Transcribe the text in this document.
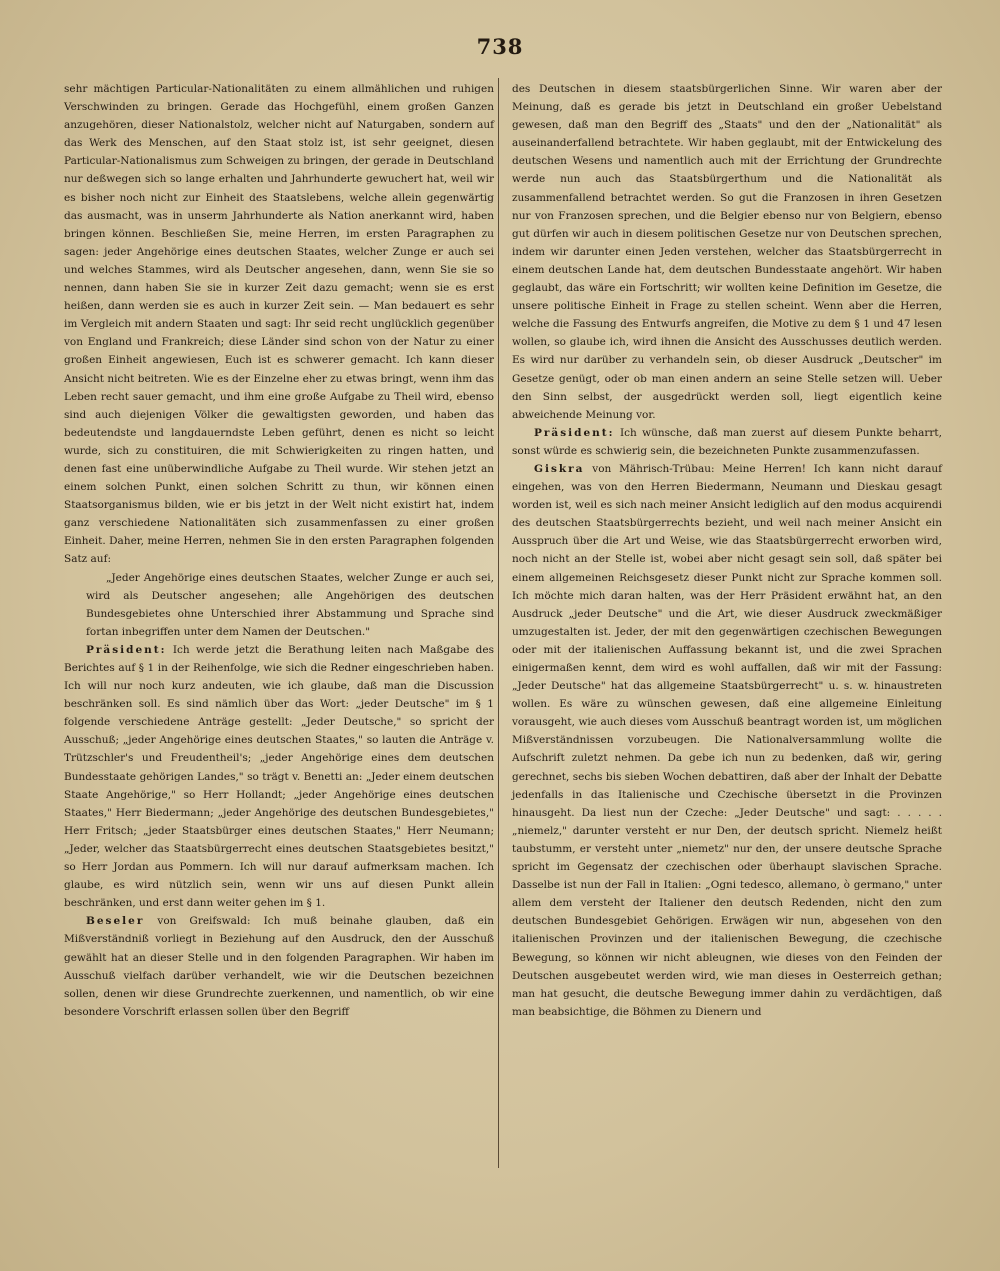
738

sehr mächtigen Particular-Nationalitäten zu einem allmählichen und ruhigen Verschwinden zu bringen. Gerade das Hochgefühl, einem großen Ganzen anzugehören, dieser Nationalstolz, welcher nicht auf Naturgaben, sondern auf das Werk des Menschen, auf den Staat stolz ist, ist sehr geeignet, diesen Particular-Nationalismus zum Schweigen zu bringen, der gerade in Deutschland nur deßwegen sich so lange erhalten und Jahrhunderte gewuchert hat, weil wir es bisher noch nicht zur Einheit des Staatslebens, welche allein gegenwärtig das ausmacht, was in unserm Jahrhunderte als Nation anerkannt wird, haben bringen können. Beschließen Sie, meine Herren, im ersten Paragraphen zu sagen: jeder Angehörige eines deutschen Staates, welcher Zunge er auch sei und welches Stammes, wird als Deutscher angesehen, dann, wenn Sie sie so nennen, dann haben Sie sie in kurzer Zeit dazu gemacht; wenn sie es erst heißen, dann werden sie es auch in kurzer Zeit sein. — Man bedauert es sehr im Vergleich mit andern Staaten und sagt: Ihr seid recht unglücklich gegenüber von England und Frankreich; diese Länder sind schon von der Natur zu einer großen Einheit angewiesen, Euch ist es schwerer gemacht. Ich kann dieser Ansicht nicht beitreten. Wie es der Einzelne eher zu etwas bringt, wenn ihm das Leben recht sauer gemacht, und ihm eine große Aufgabe zu Theil wird, ebenso sind auch diejenigen Völker die gewaltigsten geworden, und haben das bedeutendste und langdauerndste Leben geführt, denen es nicht so leicht wurde, sich zu constituiren, die mit Schwierigkeiten zu ringen hatten, und denen fast eine unüberwindliche Aufgabe zu Theil wurde. Wir stehen jetzt an einem solchen Punkt, einen solchen Schritt zu thun, wir können einen Staatsorganismus bilden, wie er bis jetzt in der Welt nicht existirt hat, indem ganz verschiedene Nationalitäten sich zusammenfassen zu einer großen Einheit. Daher, meine Herren, nehmen Sie in den ersten Paragraphen folgenden Satz auf:

„Jeder Angehörige eines deutschen Staates, welcher Zunge er auch sei, wird als Deutscher angesehen; alle Angehörigen des deutschen Bundesgebietes ohne Unterschied ihrer Abstammung und Sprache sind fortan inbegriffen unter dem Namen der Deutschen."

Präsident: Ich werde jetzt die Berathung leiten nach Maßgabe des Berichtes auf § 1 in der Reihenfolge, wie sich die Redner eingeschrieben haben. Ich will nur noch kurz andeuten, wie ich glaube, daß man die Discussion beschränken soll. Es sind nämlich über das Wort: „jeder Deutsche" im § 1 folgende verschiedene Anträge gestellt: „Jeder Deutsche," so spricht der Ausschuß; „jeder Angehörige eines deutschen Staates," so lauten die Anträge v. Trützschler's und Freudentheil's; „jeder Angehörige eines dem deutschen Bundesstaate gehörigen Landes," so trägt v. Benetti an: „Jeder einem deutschen Staate Angehörige," so Herr Hollandt; „jeder Angehörige eines deutschen Staates," Herr Biedermann; „jeder Angehörige des deutschen Bundesgebietes," Herr Fritsch; „jeder Staatsbürger eines deutschen Staates," Herr Neumann; „Jeder, welcher das Staatsbürgerrecht eines deutschen Staatsgebietes besitzt," so Herr Jordan aus Pommern. Ich will nur darauf aufmerksam machen. Ich glaube, es wird nützlich sein, wenn wir uns auf diesen Punkt allein beschränken, und erst dann weiter gehen im § 1.

Beseler von Greifswald: Ich muß beinahe glauben, daß ein Mißverständniß vorliegt in Beziehung auf den Ausdruck, den der Ausschuß gewählt hat an dieser Stelle und in den folgenden Paragraphen. Wir haben im Ausschuß vielfach darüber verhandelt, wie wir die Deutschen bezeichnen sollen, denen wir diese Grundrechte zuerkennen, und namentlich, ob wir eine besondere Vorschrift erlassen sollen über den Begriff

des Deutschen in diesem staatsbürgerlichen Sinne. Wir waren aber der Meinung, daß es gerade bis jetzt in Deutschland ein großer Uebelstand gewesen, daß man den Begriff des „Staats" und den der „Nationalität" als auseinanderfallend betrachtete. Wir haben geglaubt, mit der Entwickelung des deutschen Wesens und namentlich auch mit der Errichtung der Grundrechte werde nun auch das Staatsbürgerthum und die Nationalität als zusammenfallend betrachtet werden. So gut die Franzosen in ihren Gesetzen nur von Franzosen sprechen, und die Belgier ebenso nur von Belgiern, ebenso gut dürfen wir auch in diesem politischen Gesetze nur von Deutschen sprechen, indem wir darunter einen Jeden verstehen, welcher das Staatsbürgerrecht in einem deutschen Lande hat, dem deutschen Bundesstaate angehört. Wir haben geglaubt, das wäre ein Fortschritt; wir wollten keine Definition im Gesetze, die unsere politische Einheit in Frage zu stellen scheint. Wenn aber die Herren, welche die Fassung des Entwurfs angreifen, die Motive zu dem § 1 und 47 lesen wollen, so glaube ich, wird ihnen die Ansicht des Ausschusses deutlich werden. Es wird nur darüber zu verhandeln sein, ob dieser Ausdruck „Deutscher" im Gesetze genügt, oder ob man einen andern an seine Stelle setzen will. Ueber den Sinn selbst, der ausgedrückt werden soll, liegt eigentlich keine abweichende Meinung vor.

Präsident: Ich wünsche, daß man zuerst auf diesem Punkte beharrt, sonst würde es schwierig sein, die bezeichneten Punkte zusammenzufassen.

Giskra von Mährisch-Trübau: Meine Herren! Ich kann nicht darauf eingehen, was von den Herren Biedermann, Neumann und Dieskau gesagt worden ist, weil es sich nach meiner Ansicht lediglich auf den modus acquirendi des deutschen Staatsbürgerrechts bezieht, und weil nach meiner Ansicht ein Ausspruch über die Art und Weise, wie das Staatsbürgerrecht erworben wird, noch nicht an der Stelle ist, wobei aber nicht gesagt sein soll, daß später bei einem allgemeinen Reichsgesetz dieser Punkt nicht zur Sprache kommen soll. Ich möchte mich daran halten, was der Herr Präsident erwähnt hat, an den Ausdruck „jeder Deutsche" und die Art, wie dieser Ausdruck zweckmäßiger umzugestalten ist. Jeder, der mit den gegenwärtigen czechischen Bewegungen oder mit der italienischen Auffassung bekannt ist, und die zwei Sprachen einigermaßen kennt, dem wird es wohl auffallen, daß wir mit der Fassung: „Jeder Deutsche" hat das allgemeine Staatsbürgerrecht" u. s. w. hinaustreten wollen. Es wäre zu wünschen gewesen, daß eine allgemeine Einleitung vorausgeht, wie auch dieses vom Ausschuß beantragt worden ist, um möglichen Mißverständnissen vorzubeugen. Die Nationalversammlung wollte die Aufschrift zuletzt nehmen. Da gebe ich nun zu bedenken, daß wir, gering gerechnet, sechs bis sieben Wochen debattiren, daß aber der Inhalt der Debatte jedenfalls in das Italienische und Czechische übersetzt in die Provinzen hinausgeht. Da liest nun der Czeche: „Jeder Deutsche" und sagt: . . . . . „niemelz," darunter versteht er nur Den, der deutsch spricht. Niemelz heißt taubstumm, er versteht unter „niemetz" nur den, der unsere deutsche Sprache spricht im Gegensatz der czechischen oder überhaupt slavischen Sprache. Dasselbe ist nun der Fall in Italien: „Ogni tedesco, allemano, ò germano," unter allem dem versteht der Italiener den deutsch Redenden, nicht den zum deutschen Bundesgebiet Gehörigen. Erwägen wir nun, abgesehen von den italienischen Provinzen und der italienischen Bewegung, die czechische Bewegung, so können wir nicht ableugnen, wie dieses von den Feinden der Deutschen ausgebeutet werden wird, wie man dieses in Oesterreich gethan; man hat gesucht, die deutsche Bewegung immer dahin zu verdächtigen, daß man beabsichtige, die Böhmen zu Dienern und
